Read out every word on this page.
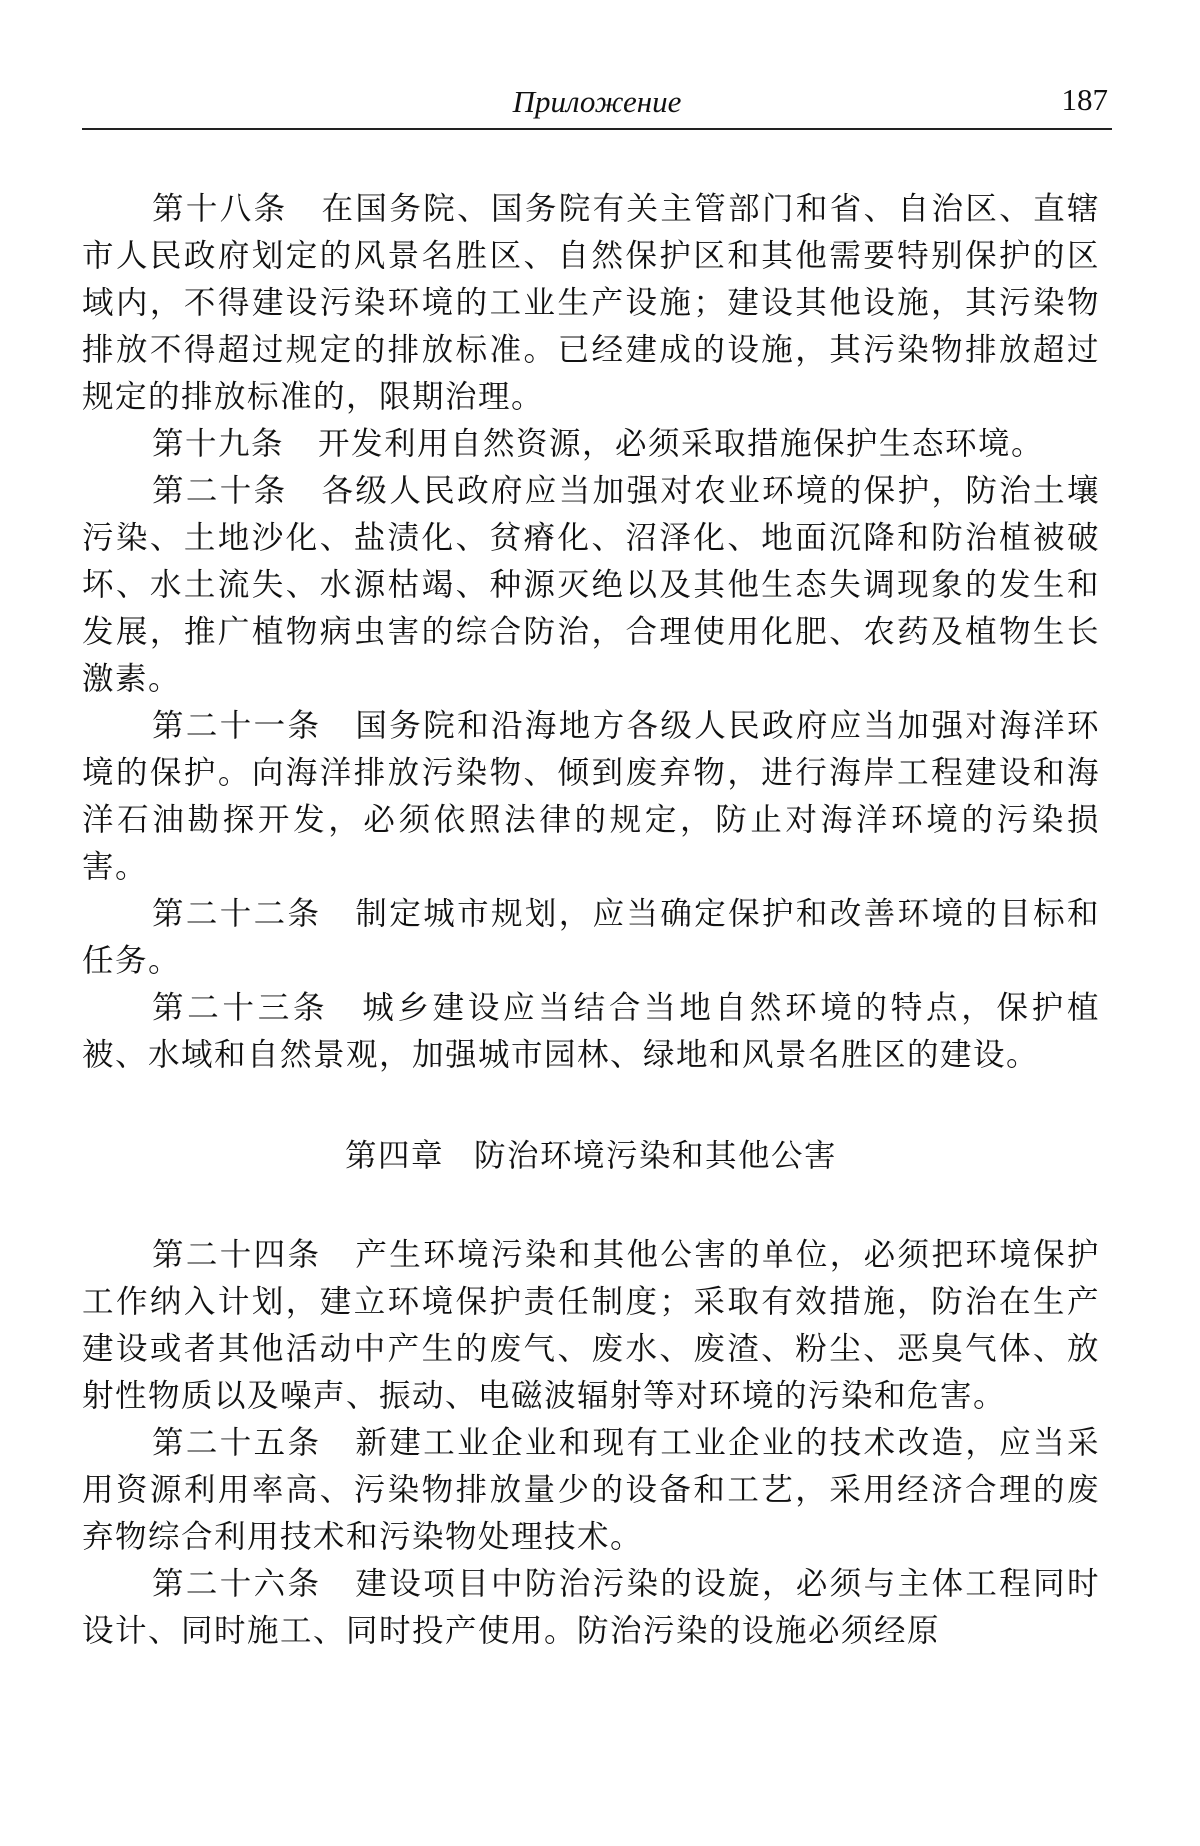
Приложение	187

第十八条 在国务院、国务院有关主管部门和省、自治区、直辖市人民政府划定的风景名胜区、自然保护区和其他需要特别保护的区域内，不得建设污染环境的工业生产设施；建设其他设施，其污染物排放不得超过规定的排放标准。已经建成的设施，其污染物排放超过规定的排放标准的，限期治理。

第十九条 开发利用自然资源，必须采取措施保护生态环境。

第二十条 各级人民政府应当加强对农业环境的保护，防治土壤污染、土地沙化、盐渍化、贫瘠化、沼泽化、地面沉降和防治植被破坏、水土流失、水源枯竭、种源灭绝以及其他生态失调现象的发生和发展，推广植物病虫害的综合防治，合理使用化肥、农药及植物生长激素。

第二十一条 国务院和沿海地方各级人民政府应当加强对海洋环境的保护。向海洋排放污染物、倾到废弃物，进行海岸工程建设和海洋石油勘探开发，必须依照法律的规定，防止对海洋环境的污染损害。

第二十二条 制定城市规划，应当确定保护和改善环境的目标和任务。

第二十三条 城乡建设应当结合当地自然环境的特点，保护植被、水域和自然景观，加强城市园林、绿地和风景名胜区的建设。

第四章 防治环境污染和其他公害

第二十四条 产生环境污染和其他公害的单位，必须把环境保护工作纳入计划，建立环境保护责任制度；采取有效措施，防治在生产建设或者其他活动中产生的废气、废水、废渣、粉尘、恶臭气体、放射性物质以及噪声、振动、电磁波辐射等对环境的污染和危害。

第二十五条 新建工业企业和现有工业企业的技术改造，应当采用资源利用率高、污染物排放量少的设备和工艺，采用经济合理的废弃物综合利用技术和污染物处理技术。

第二十六条 建设项目中防治污染的设旋，必须与主体工程同时设计、同时施工、同时投产使用。防治污染的设施必须经原
